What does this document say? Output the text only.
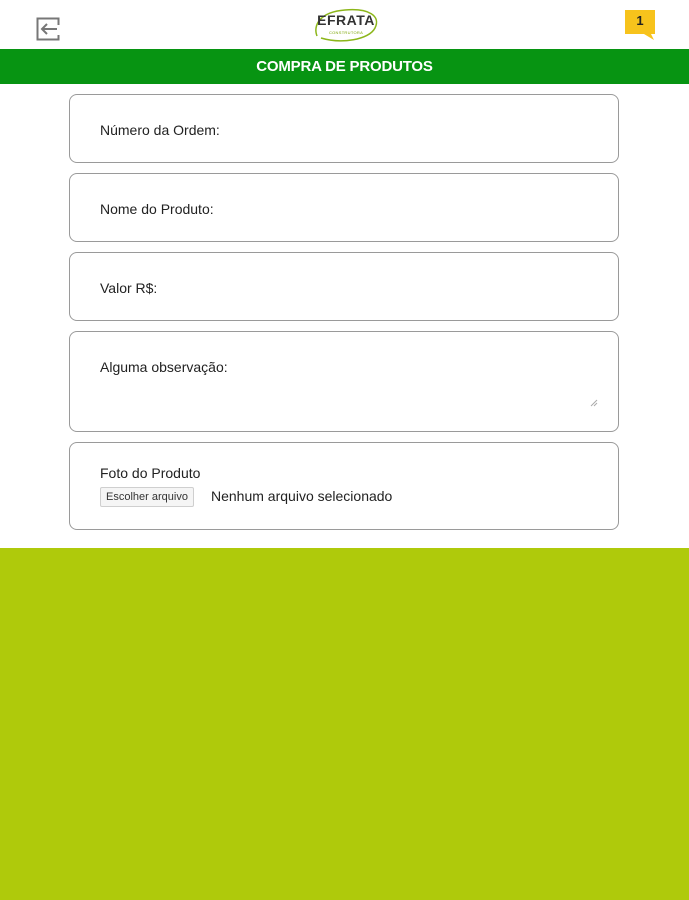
EFRATA
CONSTRUTORA
1
COMPRA DE PRODUTOS
Número da Ordem:
Nome do Produto:
Valor R$:
Alguma observação:
Foto do Produto
Escolher arquivo	Nenhum arquivo selecionado
